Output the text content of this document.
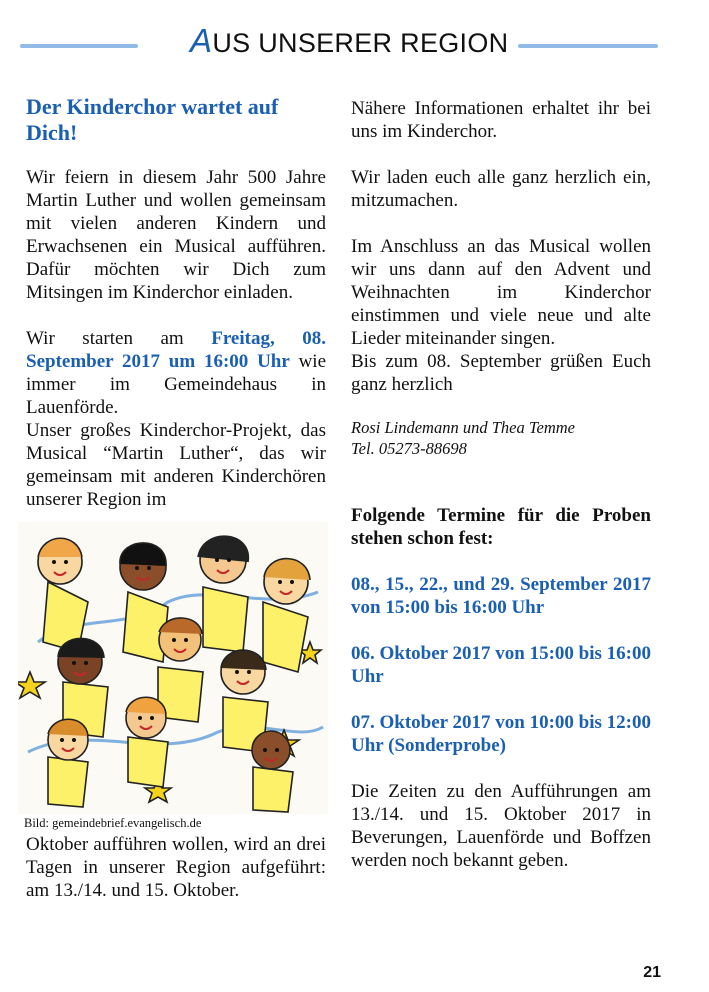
AUS UNSERER REGION
Der Kinderchor wartet auf Dich!

Wir feiern in diesem Jahr 500 Jahre Martin Luther und wollen gemeinsam mit vielen anderen Kindern und Erwachsenen ein Musical aufführen. Dafür möchten wir Dich zum Mitsingen im Kinderchor einladen.

Wir starten am Freitag, 08. September 2017 um 16:00 Uhr wie immer im Gemeindehaus in Lauenförde.

Unser großes Kinderchor-Projekt, das Musical “Martin Luther“, das wir gemeinsam mit anderen Kinderchören unserer Region im

Bild: gemeindebrief.evangelisch.de

Oktober aufführen wollen, wird an drei Tagen in unserer Region aufgeführt: am 13./14. und 15. Oktober.

Nähere Informationen erhaltet ihr bei uns im Kinderchor.

Wir laden euch alle ganz herzlich ein, mitzumachen.

Im Anschluss an das Musical wollen wir uns dann auf den Advent und Weihnachten im Kinderchor einstimmen und viele neue und alte Lieder miteinander singen.

Bis zum 08. September grüßen Euch ganz herzlich

Rosi Lindemann und Thea Temme

Tel. 05273-88698

Folgende Termine für die Proben stehen schon fest:

08., 15., 22., und 29. September 2017 von 15:00 bis 16:00 Uhr

06. Oktober 2017 von 15:00 bis 16:00 Uhr

07. Oktober 2017 von 10:00 bis 12:00 Uhr (Sonderprobe)

Die Zeiten zu den Aufführungen am 13./14. und 15. Oktober 2017 in Beverungen, Lauenförde und Boffzen werden noch bekannt geben.

21
